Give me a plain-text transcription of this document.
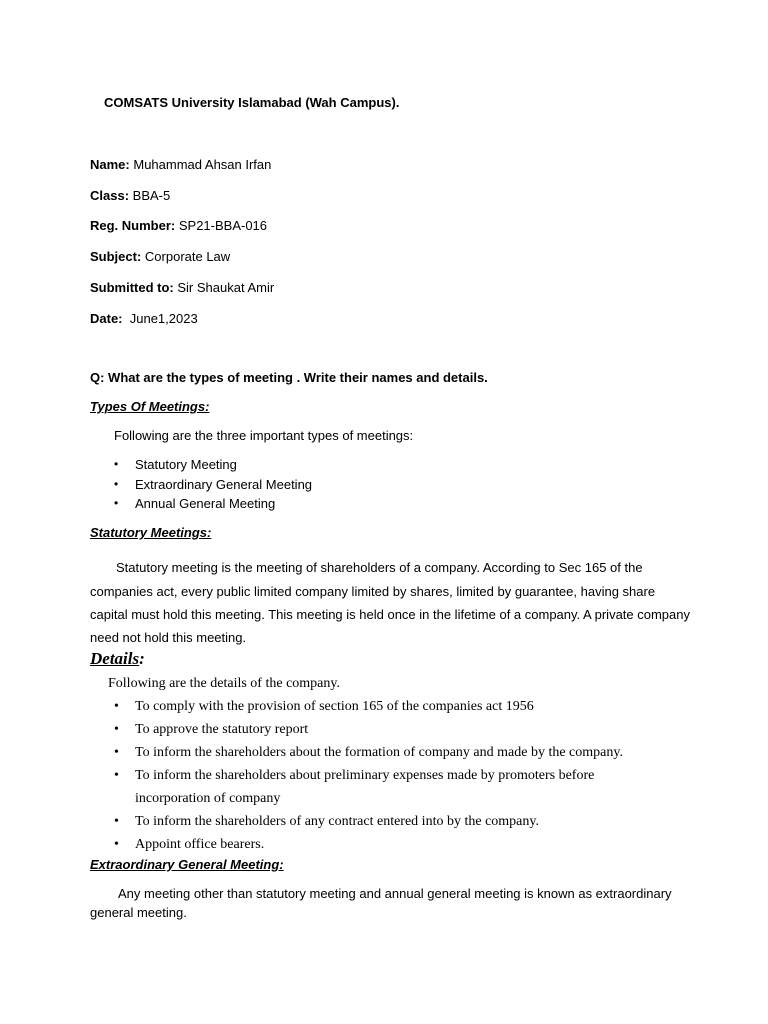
COMSATS University Islamabad (Wah Campus).
Name: Muhammad Ahsan Irfan
Class: BBA-5
Reg. Number: SP21-BBA-016
Subject: Corporate Law
Submitted to: Sir Shaukat Amir
Date:  June1,2023
Q: What are the types of meeting . Write their names and details.
Types Of Meetings:
Following are the three important types of meetings:
• Statutory Meeting
• Extraordinary General Meeting
• Annual General Meeting
Statutory Meetings:
Statutory meeting is the meeting of shareholders of a company. According to Sec 165 of the
companies act, every public limited company limited by shares, limited by guarantee, having share
capital must hold this meeting. This meeting is held once in the lifetime of a company. A private company
need not hold this meeting.
Details:
Following are the details of the company.
• To comply with the provision of section 165 of the companies act 1956
• To approve the statutory report
• To inform the shareholders about the formation of company and made by the company.
• To inform the shareholders about preliminary expenses made by promoters before
incorporation of company
• To inform the shareholders of any contract entered into by the company.
• Appoint office bearers.
Extraordinary General Meeting:
Any meeting other than statutory meeting and annual general meeting is known as extraordinary
general meeting.
